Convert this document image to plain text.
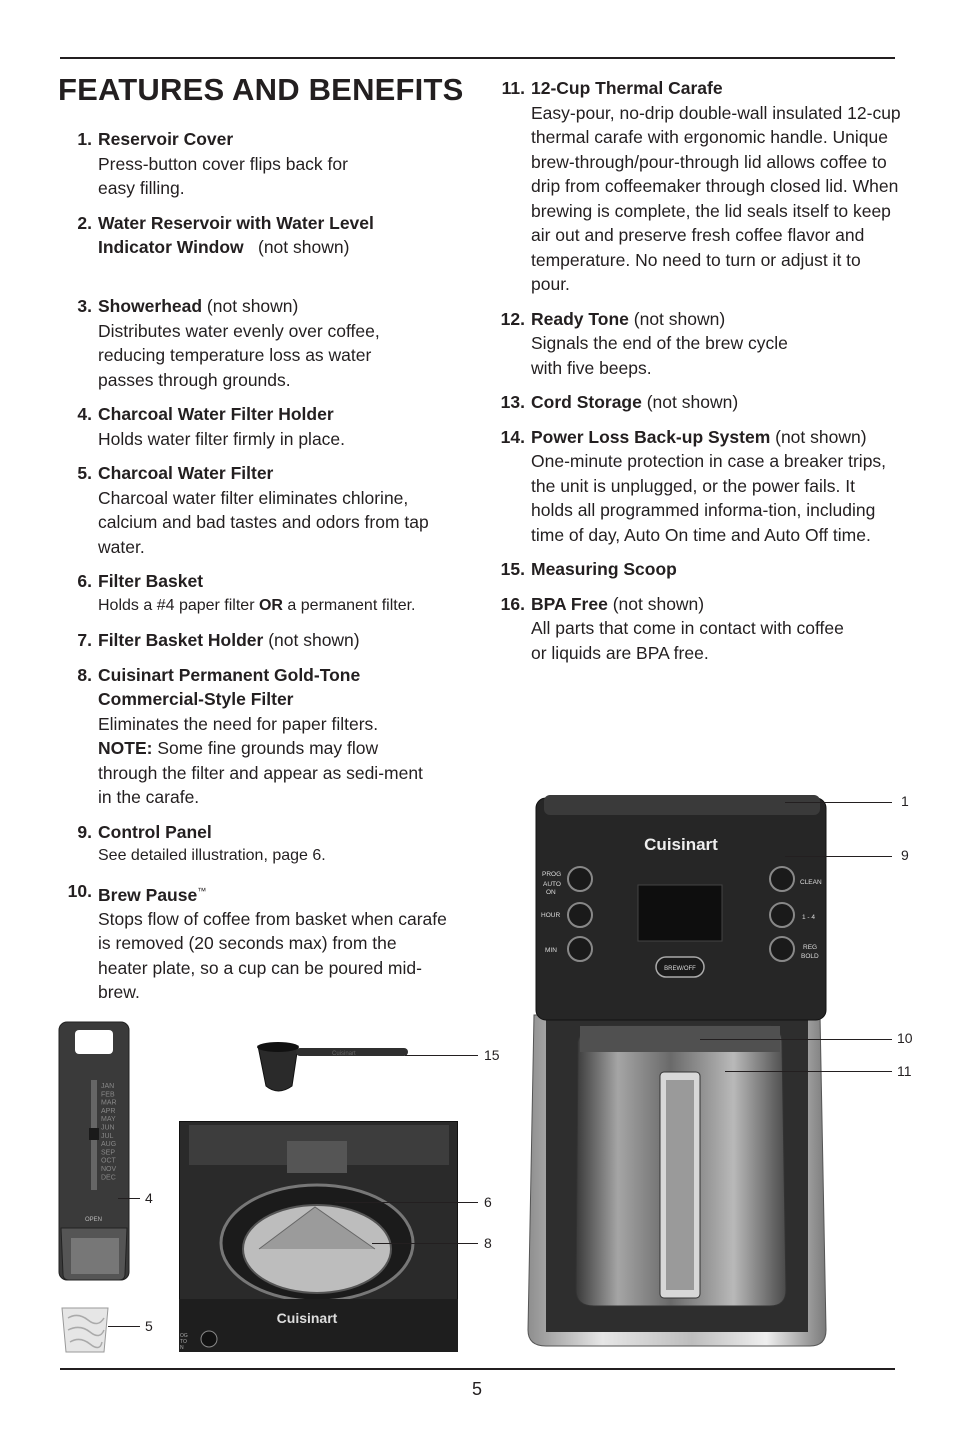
FEATURES AND BENEFITS
1. Reservoir Cover
Press-button cover flips back for easy filling.
2. Water Reservoir with Water Level Indicator Window (not shown)
3. Showerhead (not shown)
Distributes water evenly over coffee, reducing temperature loss as water passes through grounds.
4. Charcoal Water Filter Holder
Holds water filter firmly in place.
5. Charcoal Water Filter
Charcoal water filter eliminates chlorine, calcium and bad tastes and odors from tap water.
6. Filter Basket
Holds a #4 paper filter OR a permanent filter.
7. Filter Basket Holder (not shown)
8. Cuisinart Permanent Gold-Tone Commercial-Style Filter
Eliminates the need for paper filters.
NOTE: Some fine grounds may flow through the filter and appear as sedi-ment in the carafe.
9. Control Panel
See detailed illustration, page 6.
10. Brew Pause™
Stops flow of coffee from basket when carafe is removed (20 seconds max) from the heater plate, so a cup can be poured mid-brew.
11. 12-Cup Thermal Carafe
Easy-pour, no-drip double-wall insulated 12-cup thermal carafe with ergonomic handle. Unique brew-through/pour-through lid allows coffee to drip from coffeemaker through closed lid. When brewing is complete, the lid seals itself to keep air out and preserve fresh coffee flavor and temperature. No need to turn or adjust it to pour.
12. Ready Tone (not shown)
Signals the end of the brew cycle with five beeps.
13. Cord Storage (not shown)
14. Power Loss Back-up System (not shown)
One-minute protection in case a breaker trips, the unit is unplugged, or the power fails. It holds all programmed informa-tion, including time of day, Auto On time and Auto Off time.
15. Measuring Scoop
16. BPA Free (not shown)
All parts that come in contact with coffee or liquids are BPA free.
Cuisinart
PROG
AUTO
ON
HOUR
MIN
CLEAN
1 - 4
REG
BOLD
BREW/OFF
JAN
FEB
MAR
APR
MAY
JUN
JUL
AUG
SEP
OCT
NOV
DEC
OPEN
Cuisinart
Cuisinart
OG
TO
N
1
9
10
11
15
6
8
4
5
5
